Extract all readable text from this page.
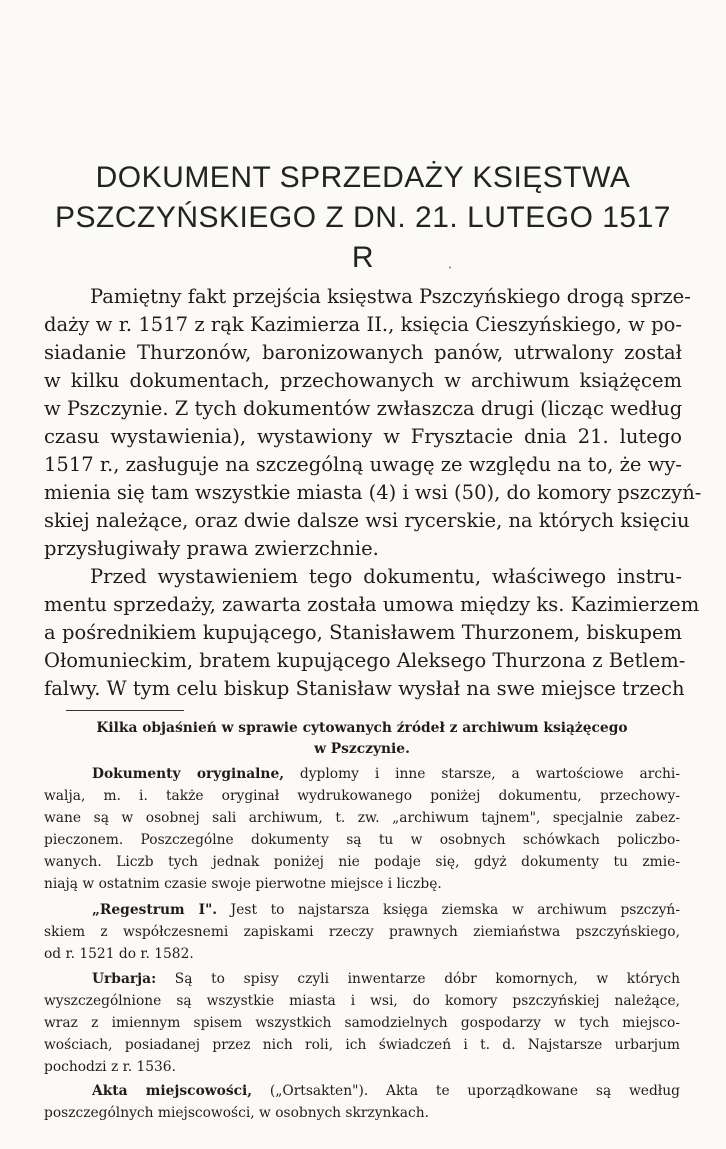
DOKUMENT SPRZEDAŻY KSIĘSTWA
PSZCZYŃSKIEGO Z DN. 21. LUTEGO 1517 R	•
Pamiętny fakt przejścia księstwa Pszczyńskiego drogą sprze-
daży w r. 1517 z rąk Kazimierza II., księcia Cieszyńskiego, w po-
siadanie Thurzonów, baronizowanych panów, utrwalony został
w kilku dokumentach, przechowanych w archiwum książęcem
w Pszczynie. Z tych dokumentów zwłaszcza drugi (licząc według
czasu wystawienia), wystawiony w Frysztacie dnia 21. lutego
1517 r., zasługuje na szczególną uwagę ze względu na to, że wy-
mienia się tam wszystkie miasta (4) i wsi (50), do komory pszczyń-
skiej należące, oraz dwie dalsze wsi rycerskie, na których księciu
przysługiwały prawa zwierzchnie.
Przed wystawieniem tego dokumentu, właściwego instru-
mentu sprzedaży, zawarta została umowa między ks. Kazimierzem
a pośrednikiem kupującego, Stanisławem Thurzonem, biskupem
Ołomunieckim, bratem kupującego Aleksego Thurzona z Betlem-
falwy. W tym celu biskup Stanisław wysłał na swe miejsce trzech
Kilka objaśnień w sprawie cytowanych źródeł z archiwum książęcego
w Pszczynie.
Dokumenty oryginalne, dyplomy i inne starsze, a wartościowe archi-
walja, m. i. także oryginał wydrukowanego poniżej dokumentu, przechowy-
wane są w osobnej sali archiwum, t. zw. „archiwum tajnem", specjalnie zabez-
pieczonem. Poszczególne dokumenty są tu w osobnych schówkach policzbo-
wanych. Liczb tych jednak poniżej nie podaje się, gdyż dokumenty tu zmie-
niają w ostatnim czasie swoje pierwotne miejsce i liczbę.
„Regestrum I". Jest to najstarsza księga ziemska w archiwum pszczyń-
skiem z współczesnemi zapiskami rzeczy prawnych ziemiaństwa pszczyńskiego,
od r. 1521 do r. 1582.
Urbarja: Są to spisy czyli inwentarze dóbr komornych, w których
wyszczególnione są wszystkie miasta i wsi, do komory pszczyńskiej należące,
wraz z imiennym spisem wszystkich samodzielnych gospodarzy w tych miejsco-
wościach, posiadanej przez nich roli, ich świadczeń i t. d. Najstarsze urbarjum
pochodzi z r. 1536.
Akta miejscowości, („Ortsakten"). Akta te uporządkowane są według
poszczególnych miejscowości, w osobnych skrzynkach.
